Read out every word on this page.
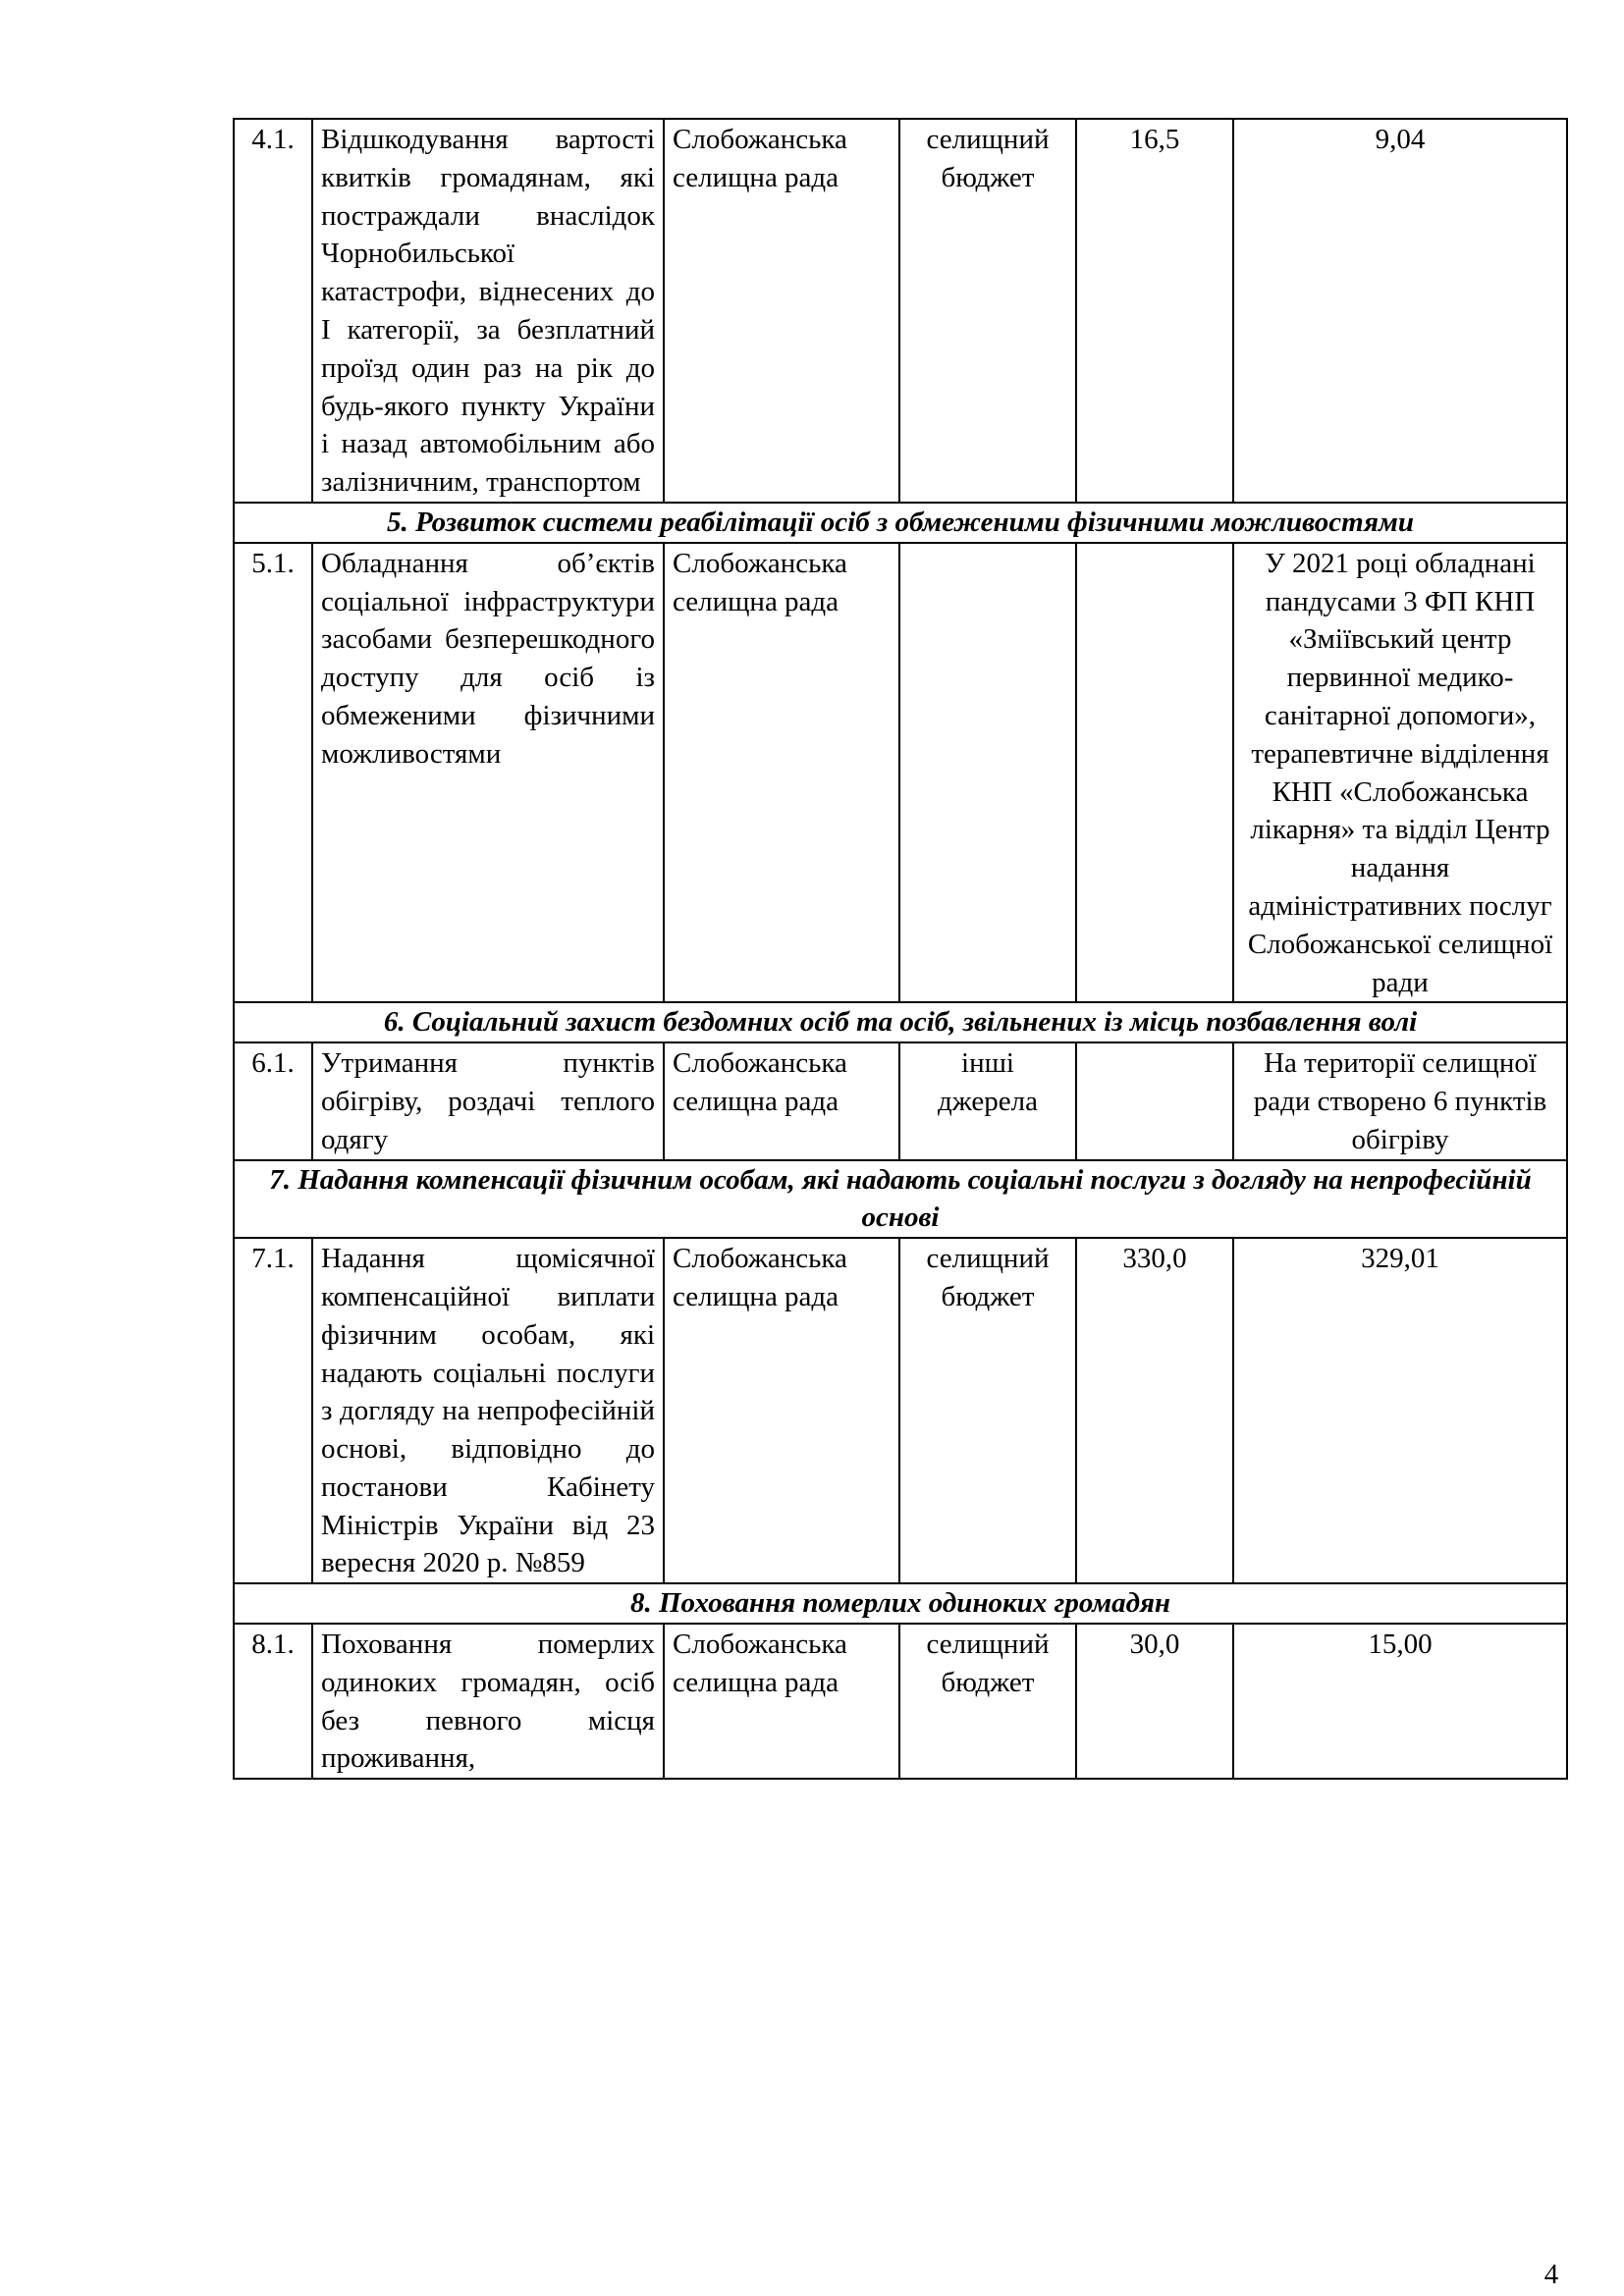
4.1.	Відшкодування вартості квитків громадянам, які постраждали внаслідок Чорнобильської катастрофи, віднесених до І категорії, за безплатний проїзд один раз на рік до будь-якого пункту України і назад автомобільним або залізничним, транспортом	Слобожанська селищна рада	селищний бюджет	16,5	9,04
5. Розвиток системи реабілітації осіб з обмеженими фізичними можливостями					
5.1.	Обладнання об’єктів соціальної інфраструктури засобами безперешкодного доступу для осіб із обмеженими фізичними можливостями	Слобожанська селищна рада			У 2021 році обладнані пандусами 3 ФП КНП «Зміївський центр первинної медико-санітарної допомоги», терапевтичне відділення КНП «Слобожанська лікарня» та відділ Центр надання адміністративних послуг Слобожанської селищної ради
6. Соціальний захист бездомних осіб та осіб, звільнених із місць позбавлення волі					
6.1.	Утримання пунктів обігріву, роздачі теплого одягу	Слобожанська селищна рада	інші джерела		На території селищної ради створено 6 пунктів обігріву
7. Надання компенсації фізичним особам, які надають соціальні послуги з догляду на непрофесійній основі					
7.1.	Надання щомісячної компенсаційної виплати фізичним особам, які надають соціальні послуги з догляду на непрофесійній основі, відповідно до постанови Кабінету Міністрів України від 23 вересня 2020 р. №859	Слобожанська селищна рада	селищний бюджет	330,0	329,01
8. Поховання померлих одиноких громадян					
8.1.	Поховання померлих одиноких громадян, осіб без певного місця проживання,	Слобожанська селищна рада	селищний бюджет	30,0	15,00
4
